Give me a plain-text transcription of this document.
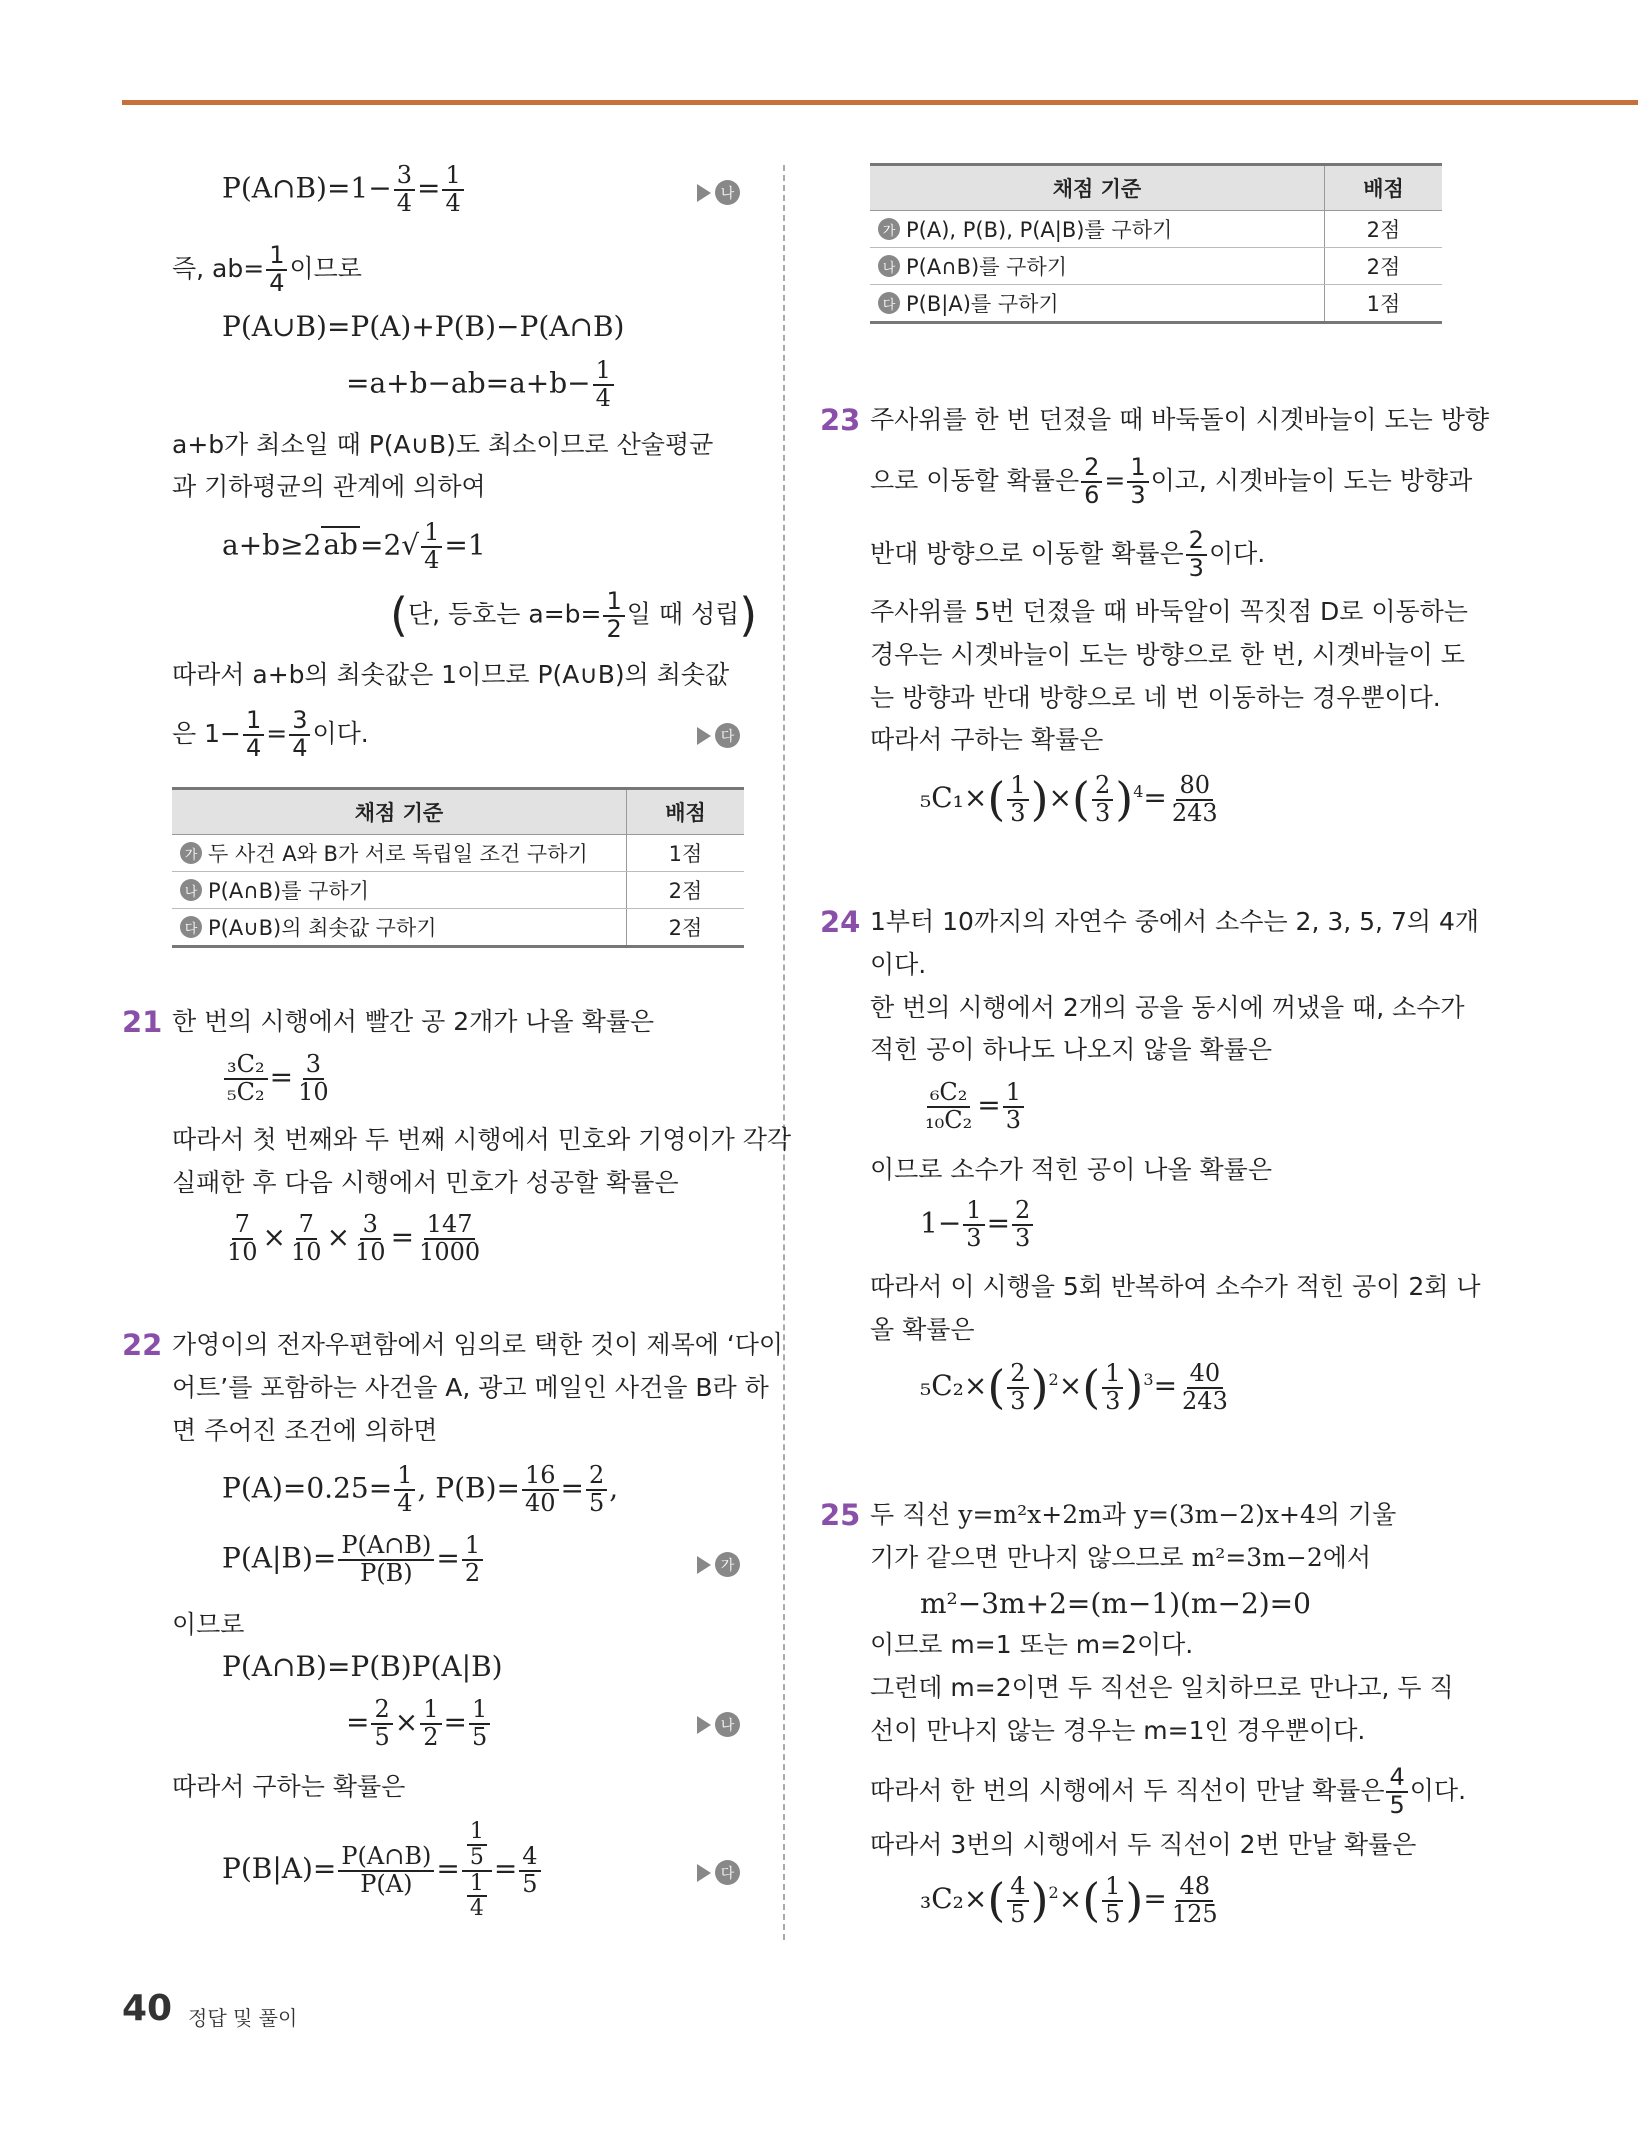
P(A∩B)=1− $\frac{3}{4} = \frac{1}{4}$	나
즉, $ab= \frac{1}{4}$ 이므로
P(A∪B)=P(A)+P(B)−P(A∩B)
$=a+b-ab=a+b- \frac{1}{4}$
a+b가 최소일 때 P(A∪B)도 최소이므로 산술평균
과 기하평균의 관계에 의하여
$a+b\ge 2ab=2√ \frac{1}{4} =1$
(단, 등호는 $a=b= \frac{1}{2}$ 일 때 성립)
따라서 a+b의 최솟값은 1이므로 P(A∪B)의 최솟값
은 $1- \frac{1}{4} = \frac{3}{4}$ 이다.	다
채점 기준	배점

가 두 사건 A와 B가 서로 독립일 조건 구하기	1점

나 P(A∩B)를 구하기	2점

다 P(A∪B)의 최솟값 구하기	2점
21 한 번의 시행에서 빨간 공 2개가 나올 확률은
$\frac{\text{₃C₂}}{\text{₅C₂}} = \frac{3}{10}$
따라서 첫 번째와 두 번째 시행에서 민호와 기영이가 각각
실패한 후 다음 시행에서 민호가 성공할 확률은
$\frac{7}{10} \times \frac{7}{10} \times \frac{3}{10} = \frac{147}{1000}$
22 가영이의 전자우편함에서 임의로 택한 것이 제목에 ‘다이
어트’를 포함하는 사건을 A, 광고 메일인 사건을 B라 하
면 주어진 조건에 의하면
$P(A)=0.25= \frac{1}{4}$ , $P(B)= \frac{16}{40} = \frac{2}{5}$ ,
$P(A|B)= \frac{P(A\cap B)}{P(B)} = \frac{1}{2}$	가
이므로
P(A∩B)=P(B)P(A|B)
= $\frac{2}{5} \times \frac{1}{2} = \frac{1}{5}$	나
따라서 구하는 확률은
$P(B|A)= \frac{P(A\cap B)}{P(A)} = \frac{\frac{1}{5}}{\frac{1}{4}} = \frac{4}{5}$	다
채점 기준	배점

가 P(A), P(B), P(A|B)를 구하기	2점

나 P(A∩B)를 구하기	2점

다 P(B|A)를 구하기	1점
23 주사위를 한 번 던졌을 때 바둑돌이 시곗바늘이 도는 방향
으로 이동할 확률은 $\frac{2}{6} = \frac{1}{3}$ 이고, 시곗바늘이 도는 방향과
반대 방향으로 이동할 확률은 $\frac{2}{3}$ 이다.
주사위를 5번 던졌을 때 바둑알이 꼭짓점 D로 이동하는
경우는 시곗바늘이 도는 방향으로 한 번, 시곗바늘이 도
는 방향과 반대 방향으로 네 번 이동하는 경우뿐이다.
따라서 구하는 확률은
$_5C_1\times( \frac{1}{3}$ )×( $\frac{2}{3} )^4= \frac{80}{243}$
24 1부터 10까지의 자연수 중에서 소수는 2, 3, 5, 7의 4개
이다.
한 번의 시행에서 2개의 공을 동시에 꺼냈을 때, 소수가
적힌 공이 하나도 나오지 않을 확률은
$\frac{\text{₆C₂}}{\text{₁₀C₂}} = \frac{1}{3}$
이므로 소수가 적힌 공이 나올 확률은
$1- \frac{1}{3} = \frac{2}{3}$
따라서 이 시행을 5회 반복하여 소수가 적힌 공이 2회 나
올 확률은
$_5C_2\times( \frac{2}{3} )^2\times( \frac{1}{3} )^3= \frac{40}{243}$
25 두 직선 y=m²x+2m과 y=(3m−2)x+4의 기울
기가 같으면 만나지 않으므로 m²=3m−2에서
m²−3m+2=(m−1)(m−2)=0
이므로 m=1 또는 m=2이다.
그런데 m=2이면 두 직선은 일치하므로 만나고, 두 직
선이 만나지 않는 경우는 m=1인 경우뿐이다.
따라서 한 번의 시행에서 두 직선이 만날 확률은 $\frac{4}{5}$ 이다.
따라서 3번의 시행에서 두 직선이 2번 만날 확률은
$_3C_2\times( \frac{4}{5} )^2\times( \frac{1}{5}$ )= $\frac{48}{125}$
40 정답 및 풀이
